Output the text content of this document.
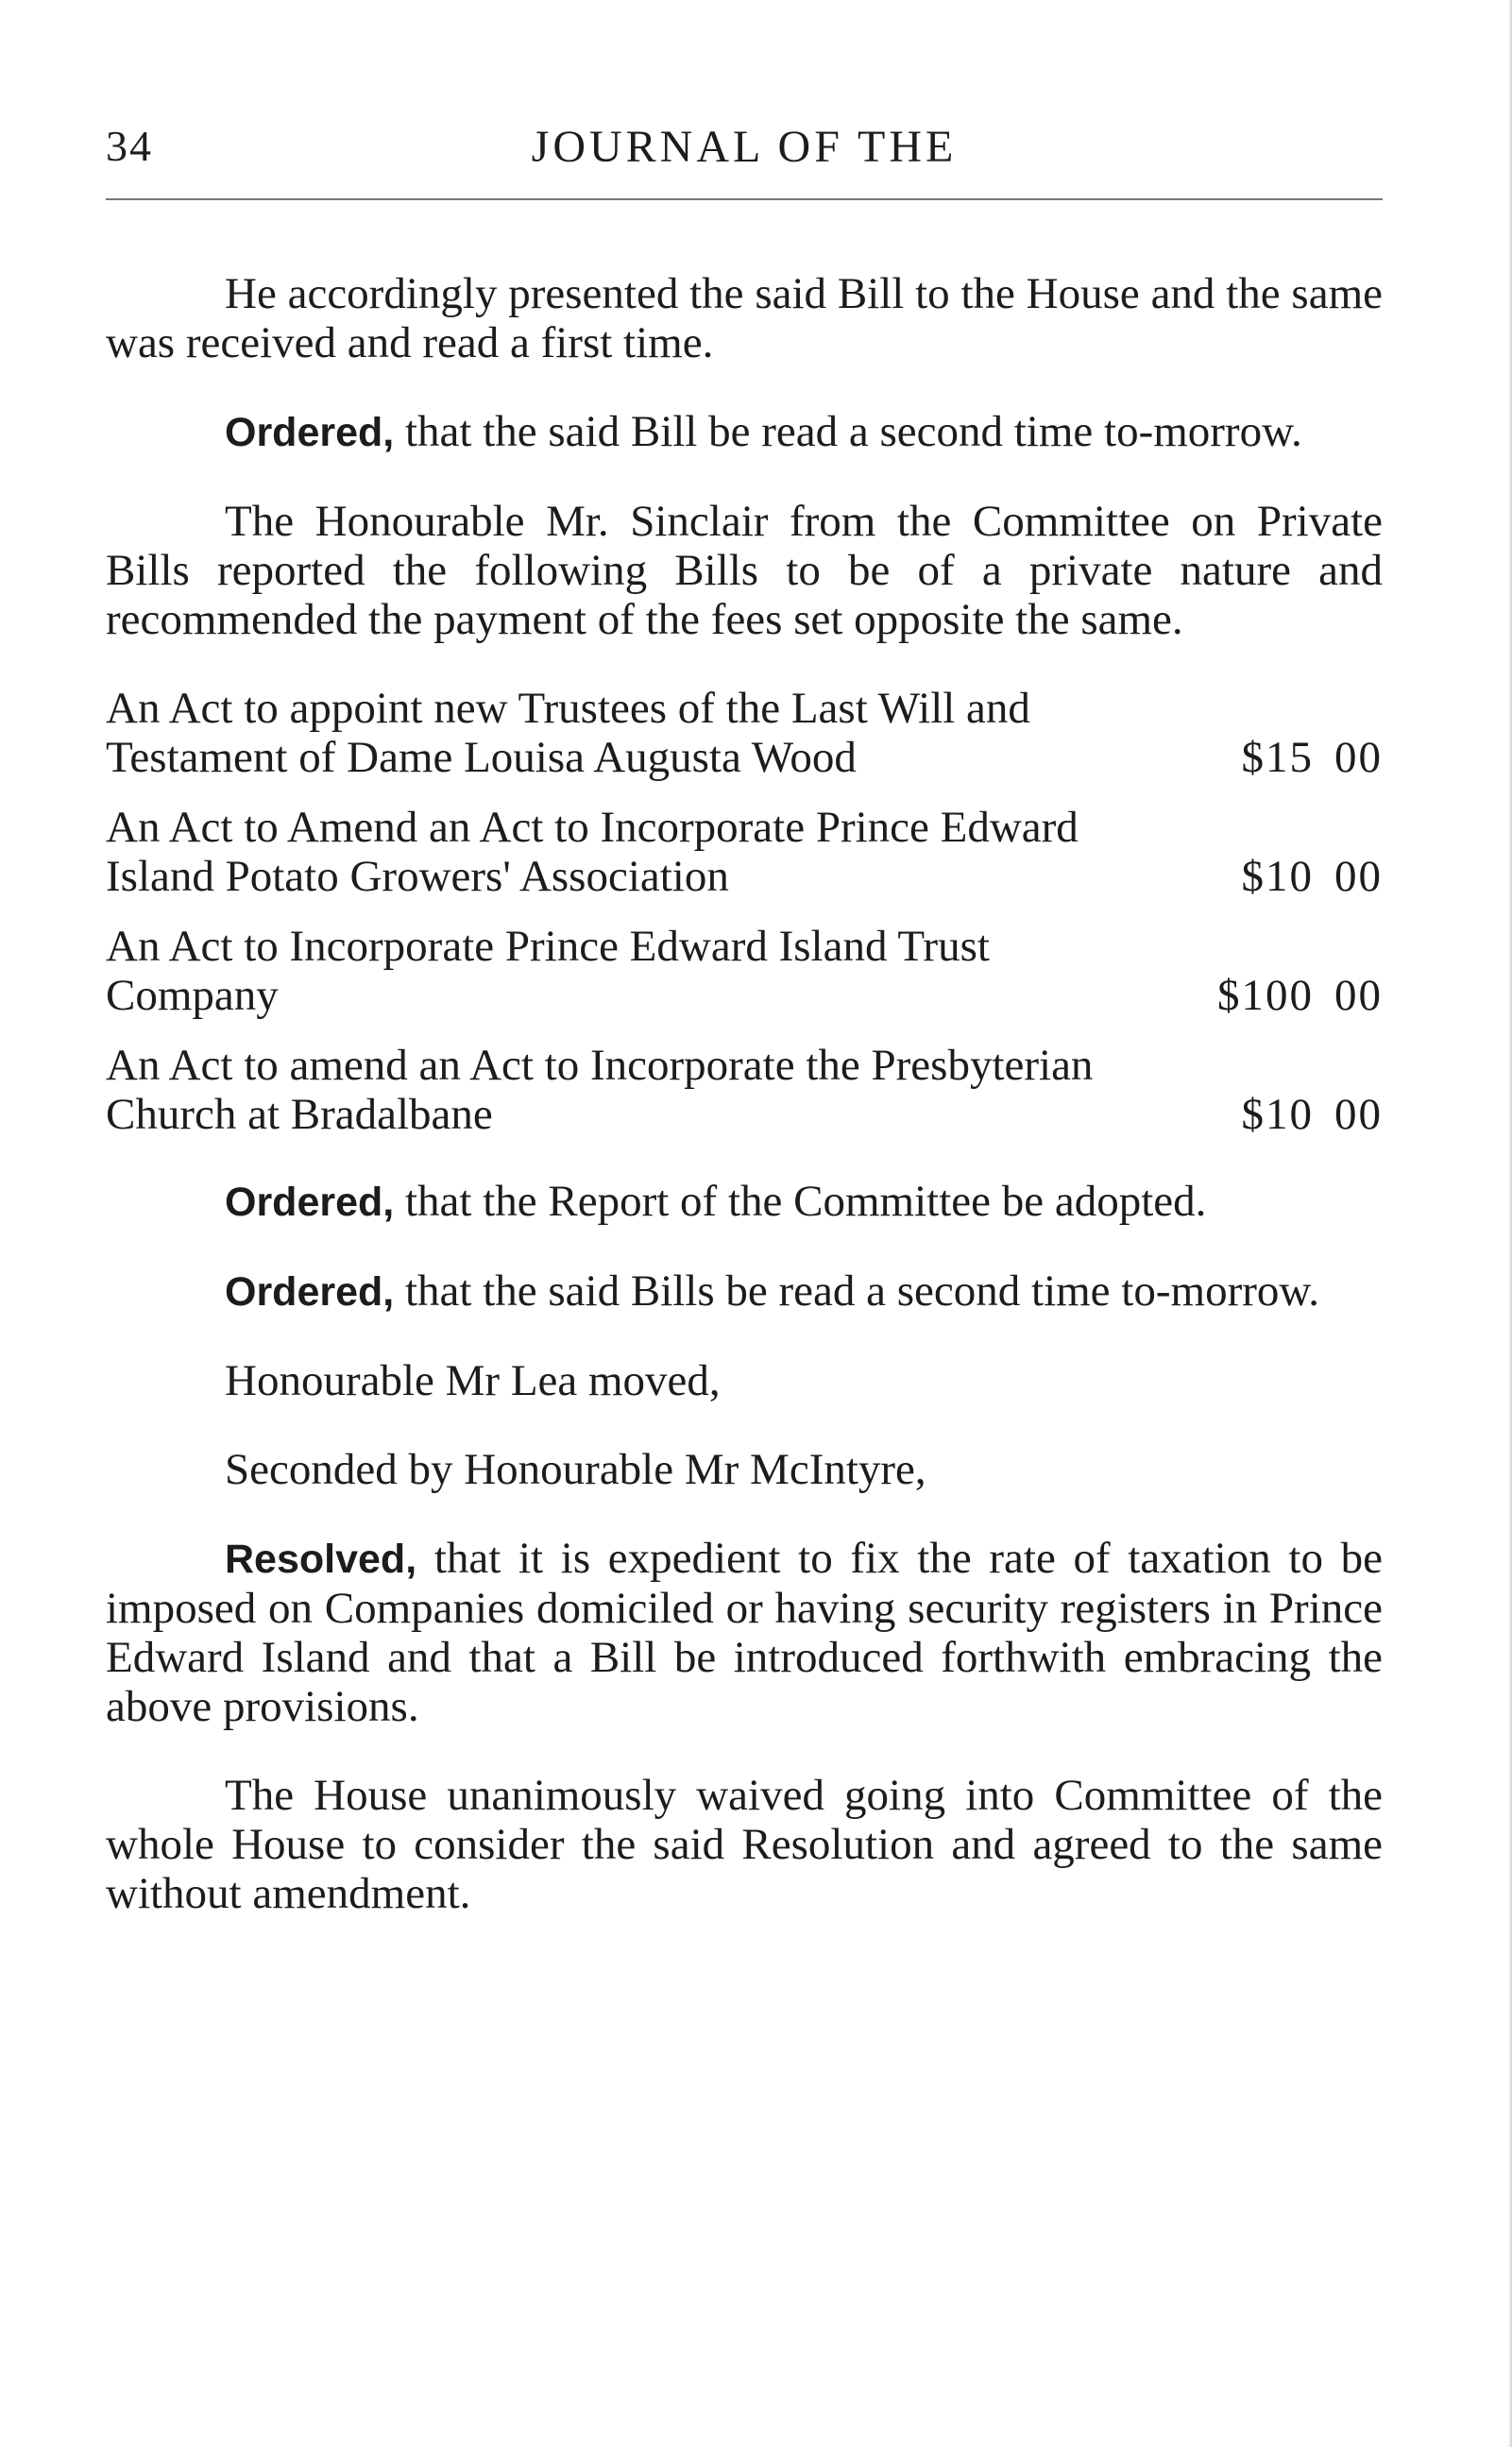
34	JOURNAL OF THE

He accordingly presented the said Bill to the House and the same was received and read a first time.

Ordered, that the said Bill be read a second time to-morrow.

The Honourable Mr. Sinclair from the Committee on Private Bills reported the following Bills to be of a private nature and recommended the payment of the fees set opposite the same.

An Act to appoint new Trustees of the Last Will and Testament of Dame Louisa Augusta Wood	$15 00
An Act to Amend an Act to Incorporate Prince Edward Island Potato Growers' Association	$10 00
An Act to Incorporate Prince Edward Island Trust Company	$100 00
An Act to amend an Act to Incorporate the Presbyterian Church at Bradalbane	$10 00

Ordered, that the Report of the Committee be adopted.

Ordered, that the said Bills be read a second time to-morrow.

Honourable Mr Lea moved,

Seconded by Honourable Mr McIntyre,

Resolved, that it is expedient to fix the rate of taxation to be imposed on Companies domiciled or having security registers in Prince Edward Island and that a Bill be introduced forthwith embracing the above provisions.

The House unanimously waived going into Committee of the whole House to consider the said Resolution and agreed to the same without amendment.
